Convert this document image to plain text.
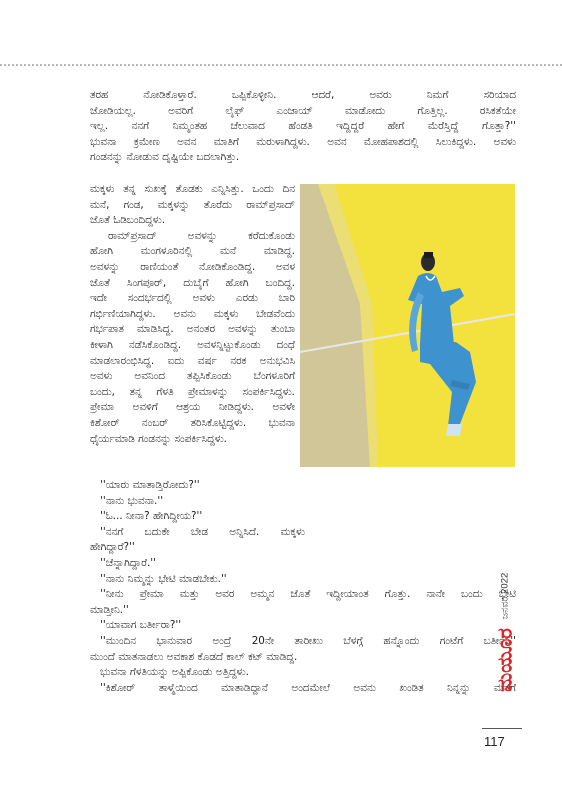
ತರಹ ನೋಡಿಕೊಳ್ತಾರೆ. ಒಪ್ಪಿಕೊಳ್ಳೀನಿ. ಆದರೆ, ಅವರು ನಿಮಗೆ ಸರಿಯಾದ
ಜೋಡಿಯಲ್ಲ. ಅವರಿಗೆ ಲೈಫ್ ಎಂಜಾಯ್ ಮಾಡೋದು ಗೊತ್ತಿಲ್ಲ. ರಸಿಕತೆಯೇ
ಇಲ್ಲ. ನನಗೆ ನಿಮ್ಮಂತಹ ಚೆಲುವಾದ ಹೆಂಡತಿ ಇದ್ದಿದ್ದರೆ ಹೇಗೆ ಮೆರೆಸ್ತಿದ್ದೆ ಗೊತ್ತಾ?''
ಭುವನಾ ಕ್ರಮೇಣ ಅವನ ಮಾತಿಗೆ ಮರುಳಾಗಿದ್ದಳು. ಅವನ ಮೋಹಪಾಶದಲ್ಲಿ ಸಿಲುಕಿದ್ದಳು. ಅವಳು
ಗಂಡನನ್ನು ನೋಡುವ ದೃಷ್ಟಿಯೇ ಬದಲಾಗಿತ್ತು.
ಮಕ್ಕಳು ತನ್ನ ಸುಖಕ್ಕೆ ತೊಡಕು ಎನ್ನಿಸಿತ್ತು. ಒಂದು ದಿನ
ಮನೆ, ಗಂಡ, ಮಕ್ಕಳನ್ನು ತೊರೆದು ರಾಮ್‌ಪ್ರಸಾದ್
ಜೊತೆ ಓಡಿಬಂದಿದ್ದಳು.
ರಾಮ್‌ಪ್ರಸಾದ್ ಅವಳನ್ನು ಕರೆದುಕೊಂಡು
ಹೋಗಿ ಮಂಗಳೂರಿನಲ್ಲಿ ಮನೆ ಮಾಡಿದ್ದ.
ಅವಳನ್ನು ರಾಣಿಯಂತೆ ನೋಡಿಕೊಂಡಿದ್ದ. ಅವಳ
ಜೊತೆ ಸಿಂಗಪೂರ್, ದುಬೈಗೆ ಹೋಗಿ ಬಂದಿದ್ದ.
ಇದೇ ಸಂದರ್ಭದಲ್ಲಿ ಅವಳು ಎರಡು ಬಾರಿ
ಗರ್ಭಿಣಿಯಾಗಿದ್ದಳು. ಅವನು ಮಕ್ಕಳು ಬೇಡವೆಂದು
ಗರ್ಭಪಾತ ಮಾಡಿಸಿದ್ದ. ಅನಂತರ ಅವಳನ್ನು ತುಂಬಾ
ಕೀಳಾಗಿ ನಡೆಸಿಕೊಂಡಿದ್ದ. ಅವಳನ್ನಿಟ್ಟುಕೊಂಡು ದಂಧೆ
ಮಾಡಲಾರಂಭಿಸಿದ್ದ. ಐದು ವರ್ಷ ನರಕ ಅನುಭವಿಸಿ
ಅವಳು ಅವನಿಂದ ತಪ್ಪಿಸಿಕೊಂಡು ಬೆಂಗಳೂರಿಗೆ
ಬಂದು, ತನ್ನ ಗೆಳತಿ ಪ್ರೇಮಾಳನ್ನು ಸಂಪರ್ಕಿಸಿದ್ದಳು.
ಪ್ರೇಮಾ ಅವಳಿಗೆ ಆಶ್ರಯ ನೀಡಿದ್ದಳು. ಅವಳೇ
ಕಿಶೋರ್ ನಂಬರ್ ತರಿಸಿಕೊಟ್ಟಿದ್ದಳು. ಭುವನಾ
ಧೈರ್ಯಮಾಡಿ ಗಂಡನನ್ನು ಸಂಪರ್ಕಿಸಿದ್ದಳು.
''ಯಾರು ಮಾತಾಡ್ತಿರೋದು?''
''ನಾನು ಭುವನಾ.''
''ಓ... ನೀನಾ? ಹೇಗಿದ್ದೀಯ?''
''ನನಗೆ ಬದುಕೇ ಬೇಡ ಅನ್ನಿಸಿದೆ. ಮಕ್ಕಳು
ಹೇಗಿದ್ದಾರೆ?''
''ಚೆನ್ನಾಗಿದ್ದಾರೆ.''
''ನಾನು ನಿಮ್ಮನ್ನು ಭೇಟಿ ಮಾಡಬೇಕು.''
''ನೀನು ಪ್ರೇಮಾ ಮತ್ತು ಅವರ ಅಮ್ಮನ ಜೊತೆ ಇದ್ದೀಯಾಂತ ಗೊತ್ತು. ನಾನೇ ಬಂದು ಭೇಟಿ
ಮಾಡ್ತೀನಿ.''
''ಯಾವಾಗ ಬರ್ತೀರಾ?''
''ಮುಂದಿನ ಭಾನುವಾರ ಅಂದ್ರೆ 20ನೇ ತಾರೀಖು ಬೆಳಗ್ಗೆ ಹನ್ನೊಂದು ಗಂಟೆಗೆ ಬರ್ತೀನಿ''
ಮುಂದೆ ಮಾತನಾಡಲು ಅವಕಾಶ ಕೊಡದೆ ಕಾಲ್ ಕಟ್ ಮಾಡಿದ್ದ.
ಭುವನಾ ಗೆಳತಿಯನ್ನು ಅಪ್ಪಿಕೊಂಡು ಅತ್ತಿದ್ದಳು.
''ಕಿಶೋರ್ ತಾಳ್ಮೆಯಿಂದ ಮಾತಾಡಿದ್ದಾನೆ ಅಂದಮೇಲೆ ಅವನು ಖಂಡಿತ ನಿನ್ನನ್ನು ಮನೆಗೆ
ಜನವರಿ 2022
ಮಯೂರ
117
